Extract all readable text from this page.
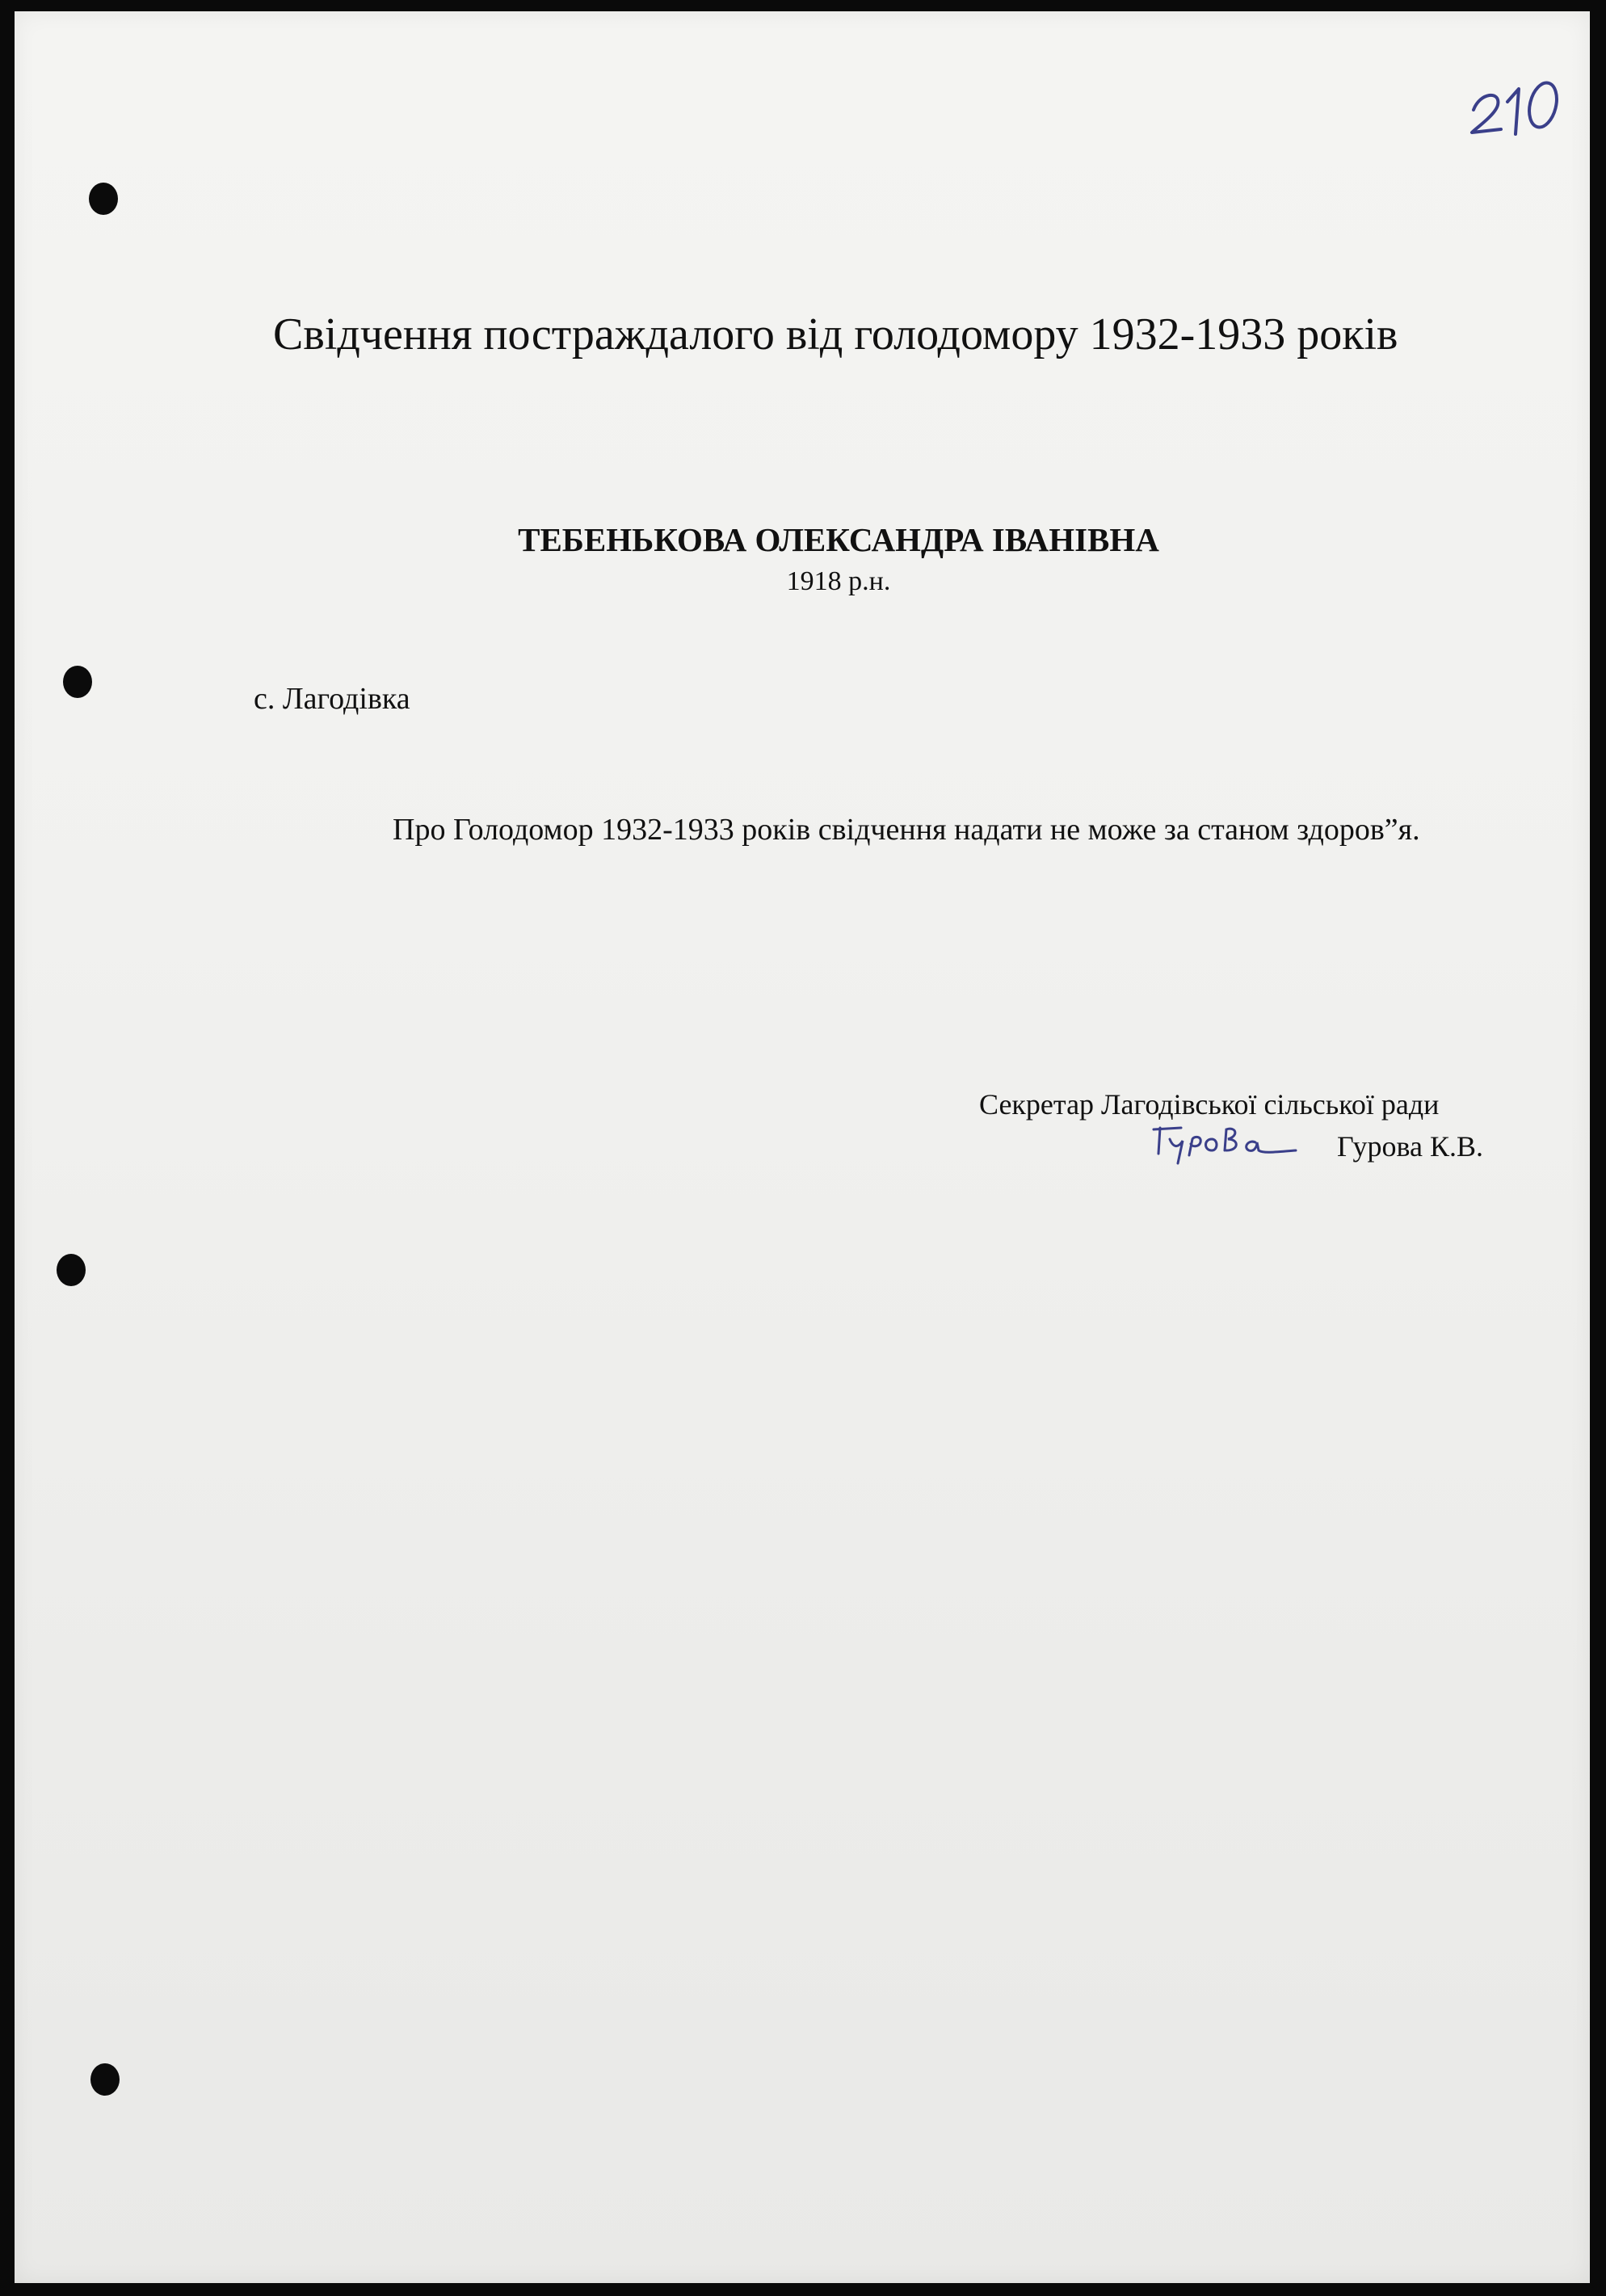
Свідчення постраждалого від голодомору 1932-1933 років
ТЕБЕНЬКОВА ОЛЕКСАНДРА ІВАНІВНА
1918 р.н.
с. Лагодівка
Про Голодомор 1932-1933 років свідчення надати не може за станом здоров”я.
Секретар Лагодівської сільської ради
Гурова К.В.
